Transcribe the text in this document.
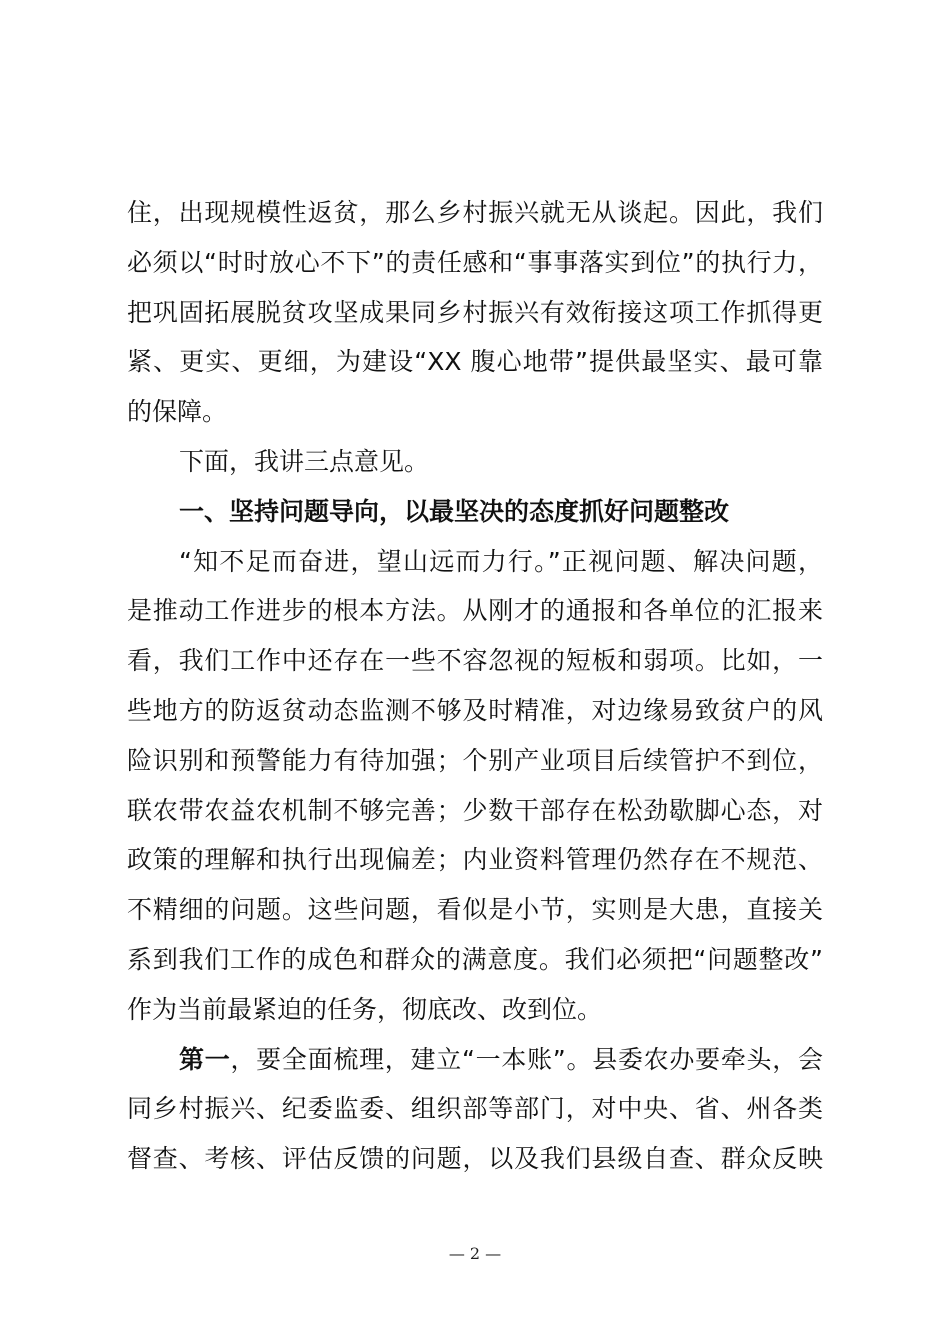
住，出现规模性返贫，那么乡村振兴就无从谈起。因此，我们
必须以“时时放心不下”的责任感和“事事落实到位”的执行力，
把巩固拓展脱贫攻坚成果同乡村振兴有效衔接这项工作抓得更
紧、更实、更细，为建设“XX 腹心地带”提供最坚实、最可靠
的保障。
下面，我讲三点意见。
一、坚持问题导向，以最坚决的态度抓好问题整改
“知不足而奋进，望山远而力行。”正视问题、解决问题，
是推动工作进步的根本方法。从刚才的通报和各单位的汇报来
看，我们工作中还存在一些不容忽视的短板和弱项。比如，一
些地方的防返贫动态监测不够及时精准，对边缘易致贫户的风
险识别和预警能力有待加强；个别产业项目后续管护不到位，
联农带农益农机制不够完善；少数干部存在松劲歇脚心态，对
政策的理解和执行出现偏差；内业资料管理仍然存在不规范、
不精细的问题。这些问题，看似是小节，实则是大患，直接关
系到我们工作的成色和群众的满意度。我们必须把“问题整改”
作为当前最紧迫的任务，彻底改、改到位。
第一，要全面梳理，建立“一本账”。县委农办要牵头，会
同乡村振兴、纪委监委、组织部等部门，对中央、省、州各类
督查、考核、评估反馈的问题，以及我们县级自查、群众反映
— 2 —
